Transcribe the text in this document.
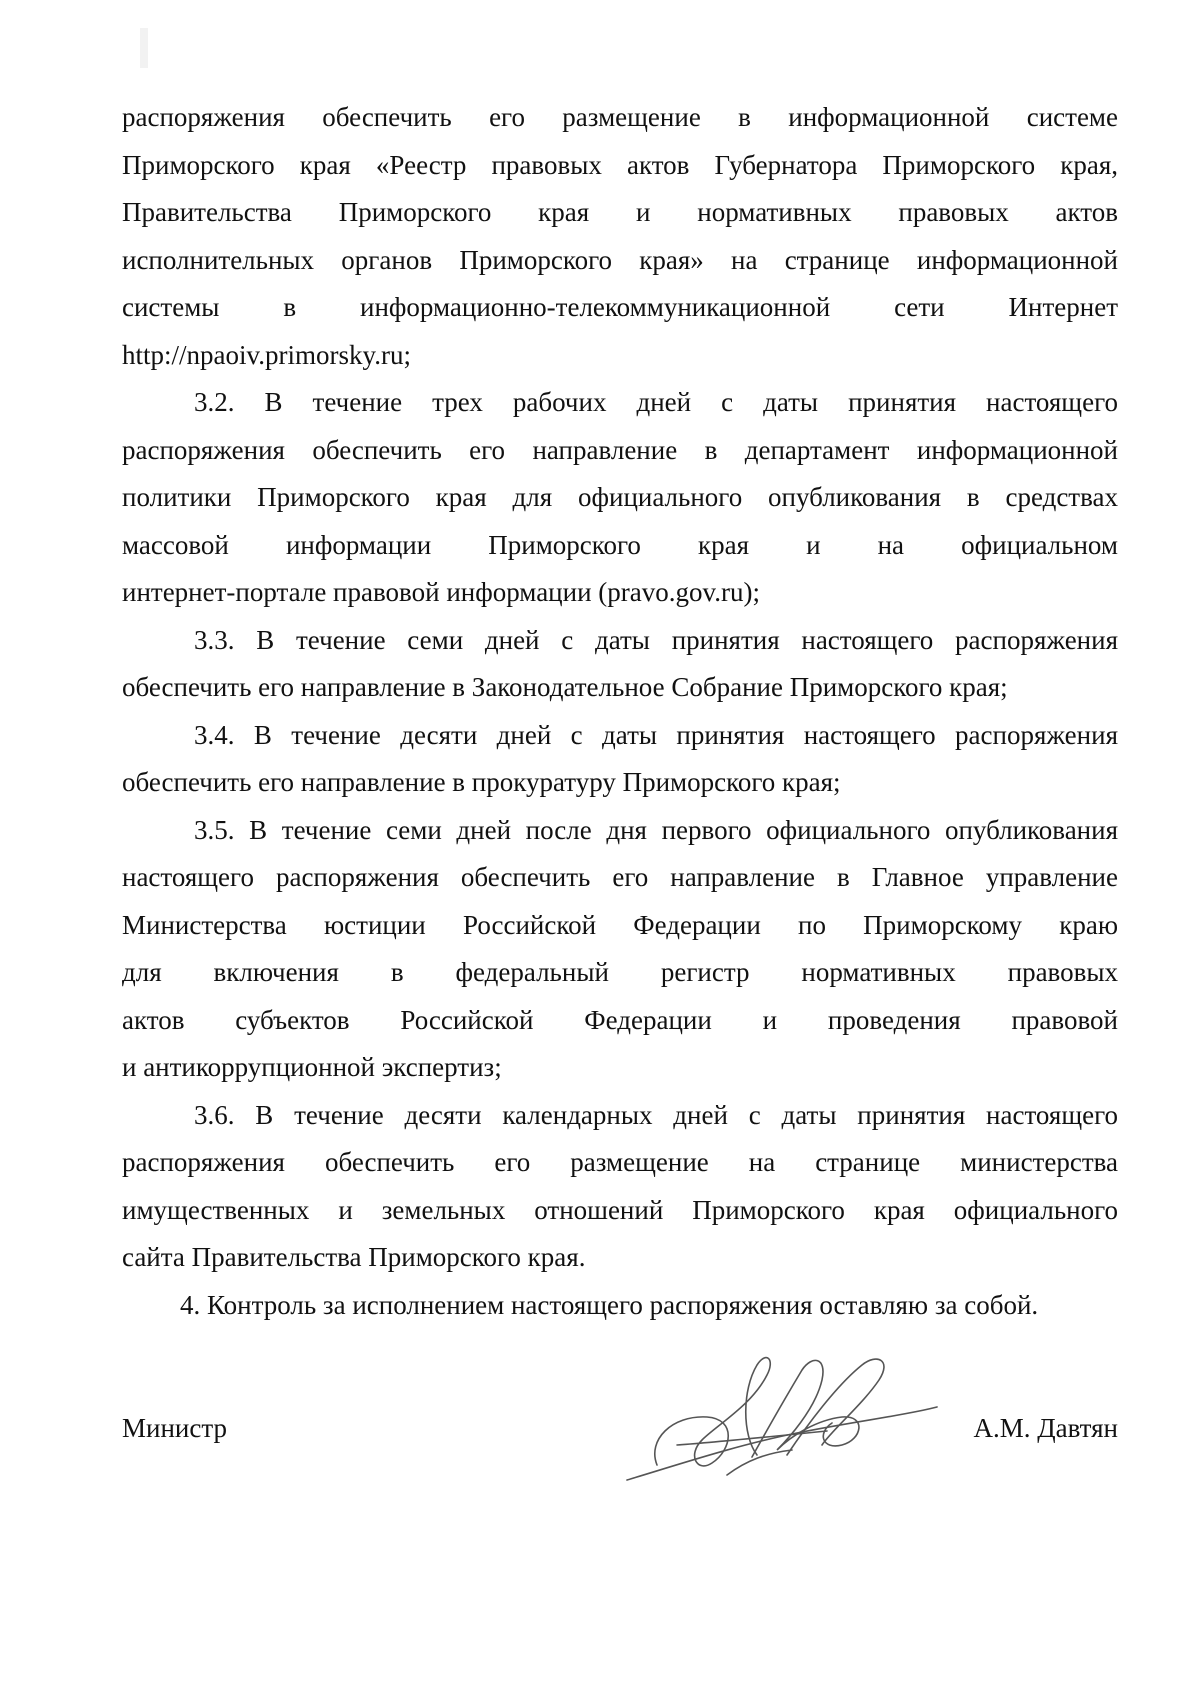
распоряжения обеспечить его размещение в информационной системе
Приморского края «Реестр правовых актов Губернатора Приморского края,
Правительства Приморского края и нормативных правовых актов
исполнительных органов Приморского края» на странице информационной
системы в информационно-телекоммуникационной сети Интернет
http://npaoiv.primorsky.ru;
3.2. В течение трех рабочих дней с даты принятия настоящего
распоряжения обеспечить его направление в департамент информационной
политики Приморского края для официального опубликования в средствах
массовой информации Приморского края и на официальном
интернет-портале правовой информации (pravo.gov.ru);
3.3. В течение семи дней с даты принятия настоящего распоряжения
обеспечить его направление в Законодательное Собрание Приморского края;
3.4. В течение десяти дней с даты принятия настоящего распоряжения
обеспечить его направление в прокуратуру Приморского края;
3.5. В течение семи дней после дня первого официального опубликования
настоящего распоряжения обеспечить его направление в Главное управление
Министерства юстиции Российской Федерации по Приморскому краю
для включения в федеральный регистр нормативных правовых
актов субъектов Российской Федерации и проведения правовой
и антикоррупционной экспертиз;
3.6. В течение десяти календарных дней с даты принятия настоящего
распоряжения обеспечить его размещение на странице министерства
имущественных и земельных отношений Приморского края официального
сайта Правительства Приморского края.
4. Контроль за исполнением настоящего распоряжения оставляю за собой.
Министр	А.М. Давтян
